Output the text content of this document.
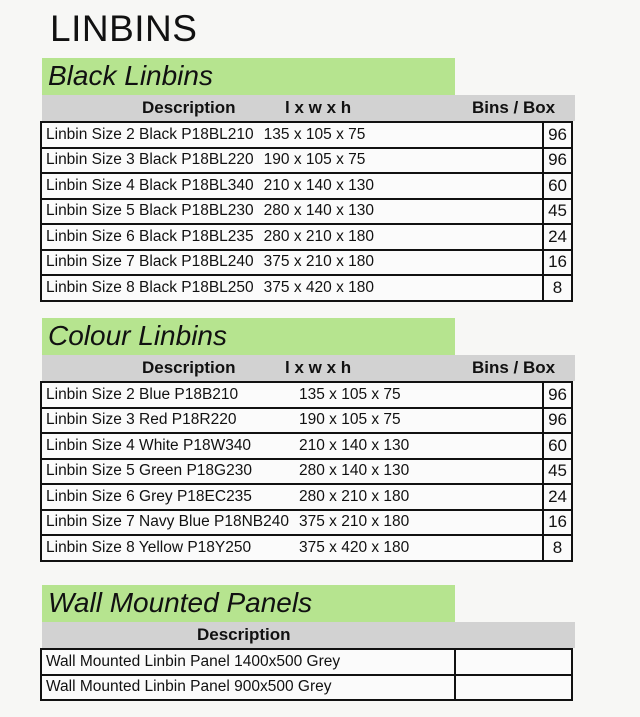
LINBINS
Black Linbins
Description	l x w x h	Bins / Box
Linbin Size 2 Black P18BL210	135 x 105 x 75	96
Linbin Size 3 Black P18BL220	190 x 105 x 75	96
Linbin Size 4 Black P18BL340	210 x 140 x 130	60
Linbin Size 5 Black P18BL230	280 x 140 x 130	45
Linbin Size 6 Black P18BL235	280 x 210 x 180	24
Linbin Size 7 Black P18BL240	375 x 210 x 180	16
Linbin Size 8 Black P18BL250	375 x 420 x 180	8
Colour Linbins
Description	l x w x h	Bins / Box
Linbin Size 2 Blue P18B210	135 x 105 x 75	96
Linbin Size 3 Red P18R220	190 x 105 x 75	96
Linbin Size 4 White P18W340	210 x 140 x 130	60
Linbin Size 5 Green P18G230	280 x 140 x 130	45
Linbin Size 6 Grey P18EC235	280 x 210 x 180	24
Linbin Size 7 Navy Blue P18NB240	375 x 210 x 180	16
Linbin Size 8 Yellow P18Y250	375 x 420 x 180	8
Wall Mounted Panels
Description
Wall Mounted Linbin Panel 1400x500 Grey	
Wall Mounted Linbin Panel 900x500 Grey	
